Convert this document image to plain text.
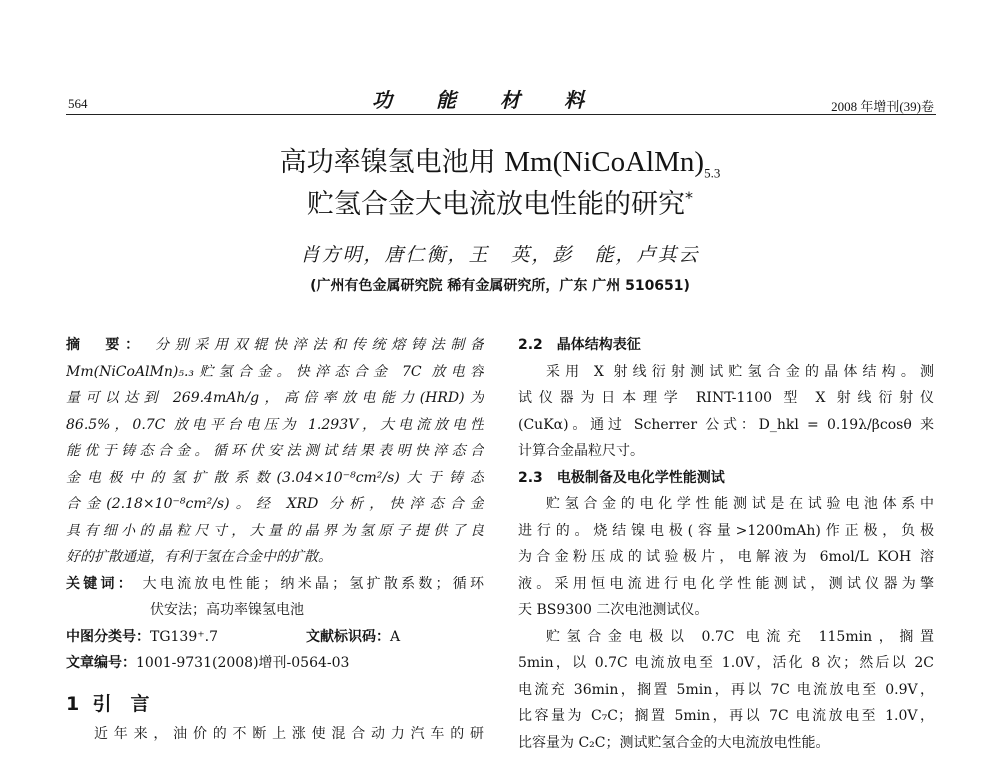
564	功能材料	2008 年增刊(39)卷
高功率镍氢电池用 $Mm(NiCoAlMn)_{5.3}$
贮氢合金大电流放电性能的研究*
肖方明，唐仁衡，王　英，彭　能，卢其云
(广州有色金属研究院 稀有金属研究所，广东 广州 510651)
摘　要： 分别采用双辊快淬法和传统熔铸法制备
Mm(NiCoAlMn)₅.₃贮氢合金。快淬态合金 7C 放电容
量可以达到 269.4mAh/g，高倍率放电能力(HRD)为
86.5%，0.7C 放电平台电压为 1.293V，大电流放电性
能优于铸态合金。循环伏安法测试结果表明快淬态合
金电极中的氢扩散系数(3.04×10⁻⁸cm²/s)大于铸态
合金(2.18×10⁻⁸cm²/s)。经 XRD 分析，快淬态合金
具有细小的晶粒尺寸，大量的晶界为氢原子提供了良
好的扩散通道，有利于氢在合金中的扩散。
关键词： 大电流放电性能；纳米晶；氢扩散系数；循环
伏安法；高功率镍氢电池
中图分类号：TG139⁺.7	文献标识码：A
文章编号：1001-9731(2008)增刊-0564-03
1 引　言
近年来，油价的不断上涨使混合动力汽车的研
2.2　晶体结构表征
采用 X 射线衍射测试贮氢合金的晶体结构。测
试仪器为日本理学 RINT-1100 型 X 射线衍射仪
(CuKα)。通过 Scherrer 公式：D_hkl = 0.19λ/βcosθ 来
计算合金晶粒尺寸。
2.3　电极制备及电化学性能测试
贮氢合金的电化学性能测试是在试验电池体系中
进行的。烧结镍电极(容量>1200mAh)作正极，负极
为合金粉压成的试验极片，电解液为 6mol/L KOH 溶
液。采用恒电流进行电化学性能测试，测试仪器为擎
天 BS9300 二次电池测试仪。
贮氢合金电极以 0.7C 电流充 115min，搁置
5min，以 0.7C 电流放电至 1.0V，活化 8 次；然后以 2C
电流充 36min，搁置 5min，再以 7C 电流放电至 0.9V，
比容量为 C₇C；搁置 5min，再以 7C 电流放电至 1.0V，
比容量为 C₂C；测试贮氢合金的大电流放电性能。
